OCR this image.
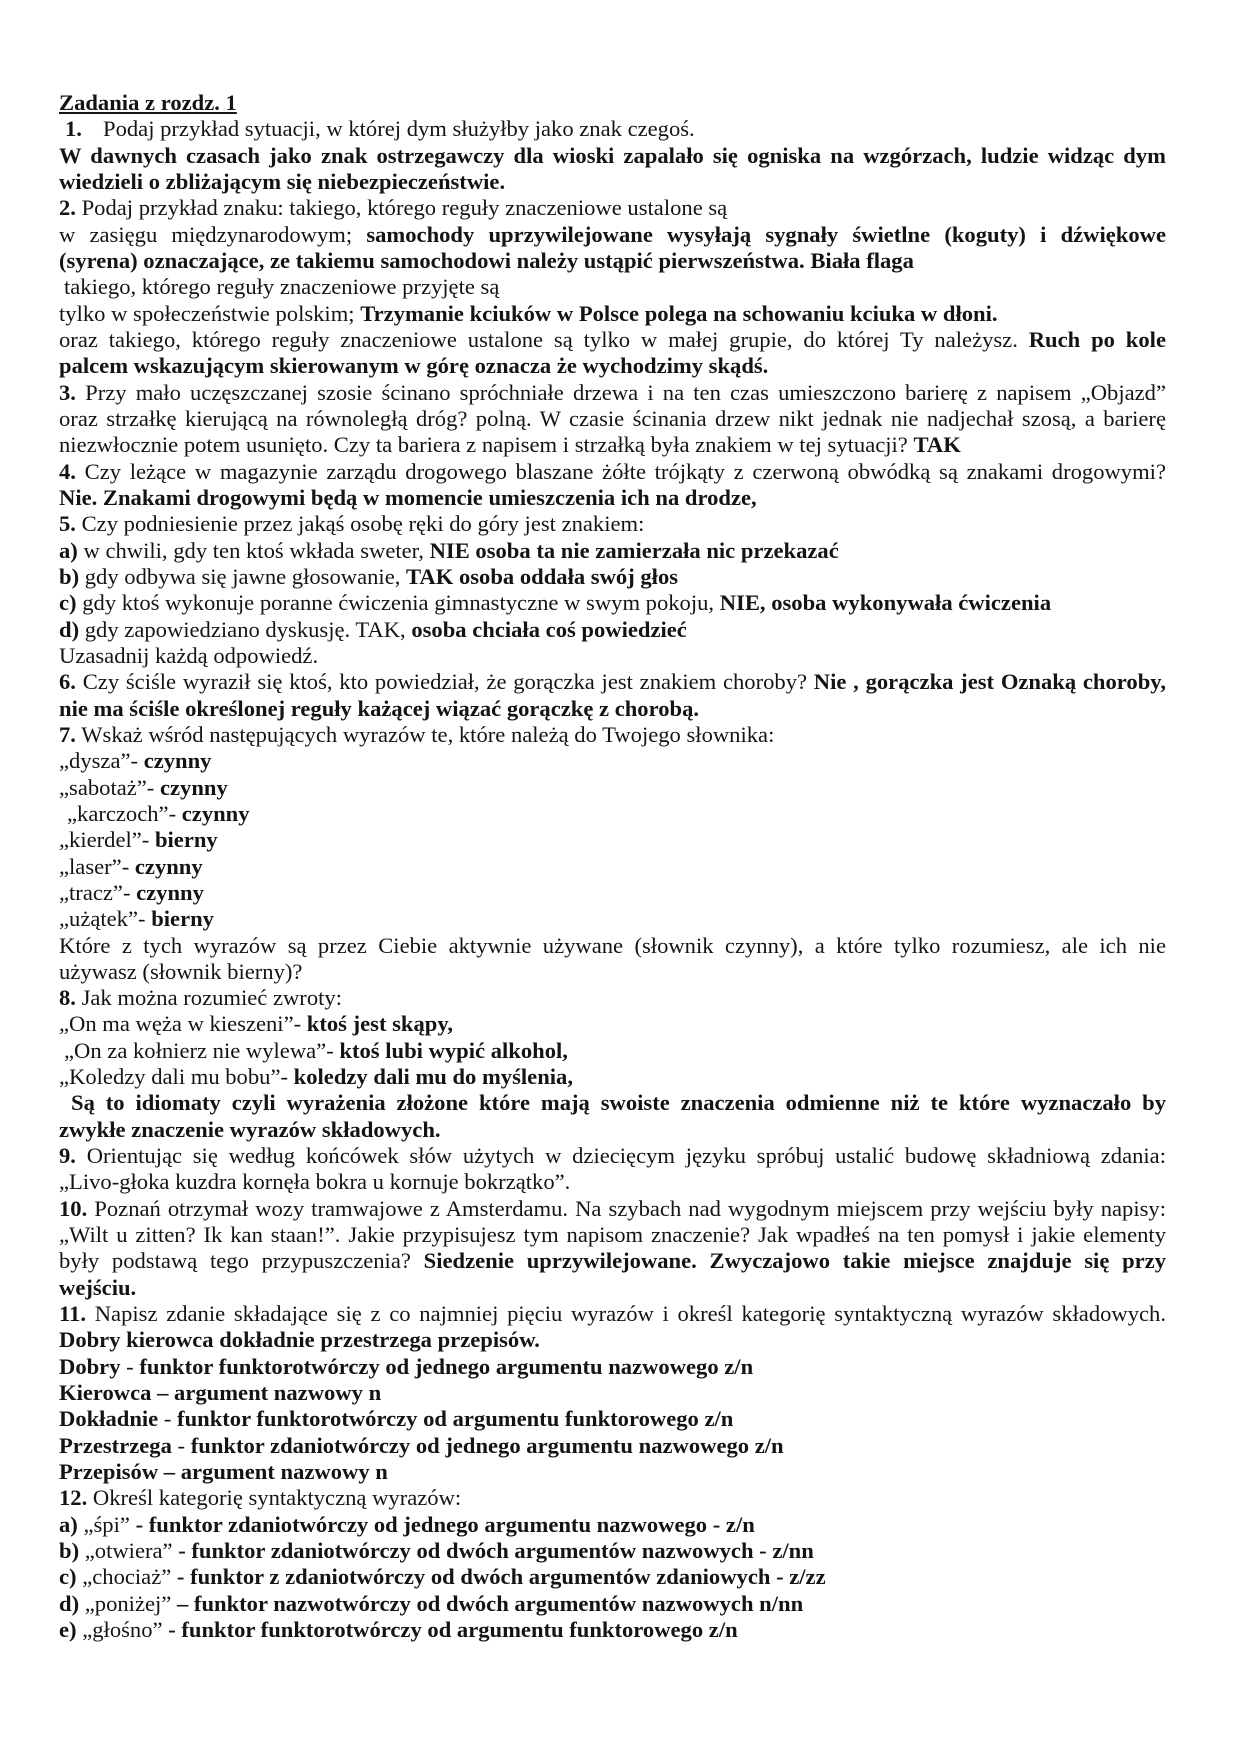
Zadania z rozdz. 1
1. Podaj przykład sytuacji, w której dym służyłby jako znak czegoś.
W dawnych czasach jako znak ostrzegawczy dla wioski zapalało się ogniska na wzgórzach, ludzie widząc dym
wiedzieli o zbliżającym się niebezpieczeństwie.
2. Podaj przykład znaku: takiego, którego reguły znaczeniowe ustalone są
w zasięgu międzynarodowym; samochody uprzywilejowane wysyłają sygnały świetlne (koguty) i dźwiękowe
(syrena) oznaczające, ze takiemu samochodowi należy ustąpić pierwszeństwa. Biała flaga
takiego, którego reguły znaczeniowe przyjęte są
tylko w społeczeństwie polskim; Trzymanie kciuków w Polsce polega na schowaniu kciuka w dłoni.
oraz takiego, którego reguły znaczeniowe ustalone są tylko w małej grupie, do której Ty należysz. Ruch po kole
palcem wskazującym skierowanym w górę oznacza że wychodzimy skądś.
3. Przy mało uczęszczanej szosie ścinano spróchniałe drzewa i na ten czas umieszczono barierę z napisem „Objazd”
oraz strzałkę kierującą na równoległą dróg? polną. W czasie ścinania drzew nikt jednak nie nadjechał szosą, a barierę
niezwłocznie potem usunięto. Czy ta bariera z napisem i strzałką była znakiem w tej sytuacji? TAK
4. Czy leżące w magazynie zarządu drogowego blaszane żółte trójkąty z czerwoną obwódką są znakami drogowymi?
Nie. Znakami drogowymi będą w momencie umieszczenia ich na drodze,
5. Czy podniesienie przez jakąś osobę ręki do góry jest znakiem:
a) w chwili, gdy ten ktoś wkłada sweter, NIE osoba ta nie zamierzała nic przekazać
b) gdy odbywa się jawne głosowanie, TAK osoba oddała swój głos
c) gdy ktoś wykonuje poranne ćwiczenia gimnastyczne w swym pokoju, NIE, osoba wykonywała ćwiczenia
d) gdy zapowiedziano dyskusję. TAK, osoba chciała coś powiedzieć
Uzasadnij każdą odpowiedź.
6. Czy ściśle wyraził się ktoś, kto powiedział, że gorączka jest znakiem choroby? Nie , gorączka jest Oznaką choroby,
nie ma ściśle określonej reguły każącej wiązać gorączkę z chorobą.
7. Wskaż wśród następujących wyrazów te, które należą do Twojego słownika:
„dysza”- czynny
„sabotaż”- czynny
„karczoch”- czynny
„kierdel”- bierny
„laser”- czynny
„tracz”- czynny
„użątek”- bierny
Które z tych wyrazów są przez Ciebie aktywnie używane (słownik czynny), a które tylko rozumiesz, ale ich nie
używasz (słownik bierny)?
8. Jak można rozumieć zwroty:
„On ma węża w kieszeni”- ktoś jest skąpy,
„On za kołnierz nie wylewa”- ktoś lubi wypić alkohol,
„Koledzy dali mu bobu”- koledzy dali mu do myślenia,
Są to idiomaty czyli wyrażenia złożone które mają swoiste znaczenia odmienne niż te które wyznaczało by
zwykłe znaczenie wyrazów składowych.
9. Orientując się według końcówek słów użytych w dziecięcym języku spróbuj ustalić budowę składniową zdania:
„Livo-głoka kuzdra kornęła bokra u kornuje bokrzątko”.
10. Poznań otrzymał wozy tramwajowe z Amsterdamu. Na szybach nad wygodnym miejscem przy wejściu były napisy:
„Wilt u zitten? Ik kan staan!”. Jakie przypisujesz tym napisom znaczenie? Jak wpadłeś na ten pomysł i jakie elementy
były podstawą tego przypuszczenia? Siedzenie uprzywilejowane. Zwyczajowo takie miejsce znajduje się przy
wejściu.
11. Napisz zdanie składające się z co najmniej pięciu wyrazów i określ kategorię syntaktyczną wyrazów składowych.
Dobry kierowca dokładnie przestrzega przepisów.
Dobry - funktor funktorotwórczy od jednego argumentu nazwowego z/n
Kierowca – argument nazwowy n
Dokładnie - funktor funktorotwórczy od argumentu funktorowego z/n
Przestrzega - funktor zdaniotwórczy od jednego argumentu nazwowego z/n
Przepisów – argument nazwowy n
12. Określ kategorię syntaktyczną wyrazów:
a) „śpi” - funktor zdaniotwórczy od jednego argumentu nazwowego - z/n
b) „otwiera” - funktor zdaniotwórczy od dwóch argumentów nazwowych - z/nn
c) „chociaż” - funktor z zdaniotwórczy od dwóch argumentów zdaniowych - z/zz
d) „poniżej” – funktor nazwotwórczy od dwóch argumentów nazwowych n/nn
e) „głośno” - funktor funktorotwórczy od argumentu funktorowego z/n
